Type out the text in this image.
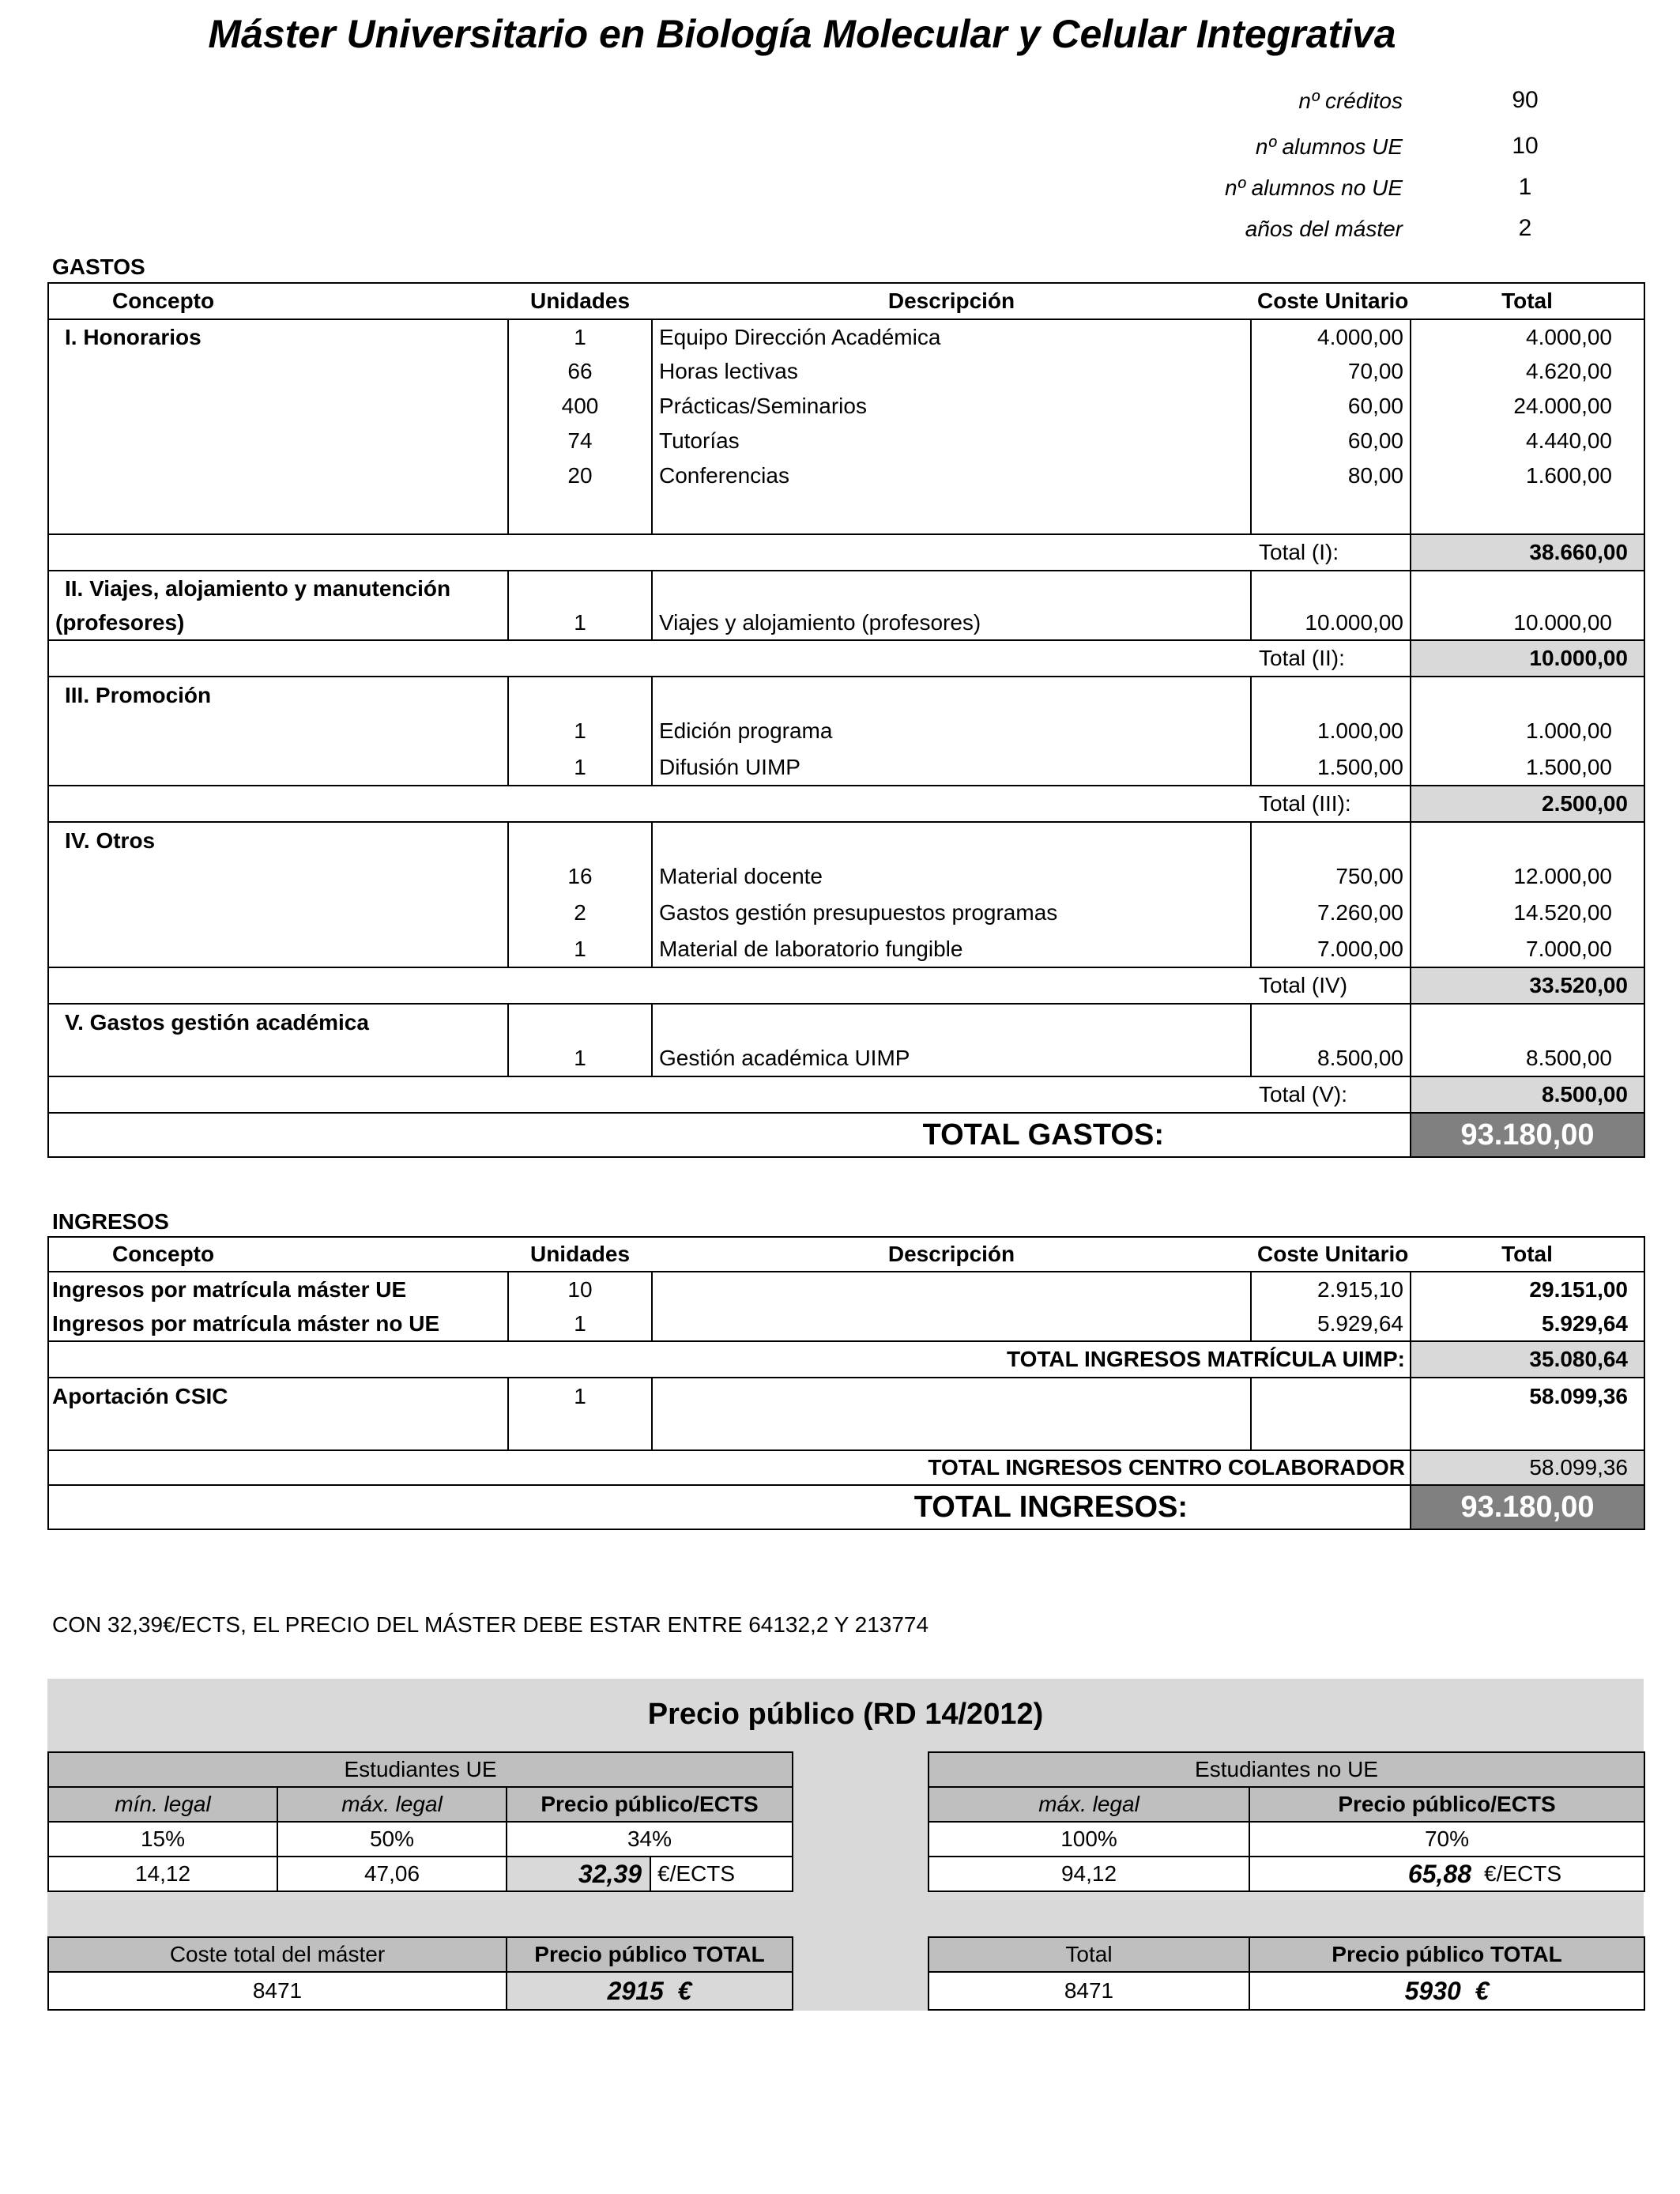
Máster Universitario en Biología Molecular y Celular Integrativa
nº créditos	90
nº alumnos UE	10
nº alumnos no UE	1
años del máster	2
GASTOS
Concepto	Unidades	Descripción	Coste Unitario	Total
I. Honorarios	1	Equipo Dirección Académica	4.000,00	4.000,00
	66	Horas lectivas	70,00	4.620,00
	400	Prácticas/Seminarios	60,00	24.000,00
	74	Tutorías	60,00	4.440,00
	20	Conferencias	80,00	1.600,00

			Total (I):	38.660,00
II. Viajes, alojamiento y manutención				
(profesores)	1	Viajes y alojamiento (profesores)	10.000,00	10.000,00
			Total (II):	10.000,00
III. Promoción				
	1	Edición programa	1.000,00	1.000,00
	1	Difusión UIMP	1.500,00	1.500,00
			Total (III):	2.500,00
IV. Otros				
	16	Material docente	750,00	12.000,00
	2	Gastos gestión presupuestos programas	7.260,00	14.520,00
	1	Material de laboratorio fungible	7.000,00	7.000,00
			Total (IV)	33.520,00
V. Gastos gestión académica				
	1	Gestión académica UIMP	8.500,00	8.500,00
			Total (V):	8.500,00
		TOTAL GASTOS:		93.180,00
INGRESOS
Concepto	Unidades	Descripción	Coste Unitario	Total
Ingresos por matrícula máster UE	10		2.915,10	29.151,00
Ingresos por matrícula máster no UE	1		5.929,64	5.929,64
TOTAL INGRESOS MATRÍCULA UIMP:				35.080,64
Aportación CSIC	1			58.099,36

TOTAL INGRESOS CENTRO COLABORADOR				58.099,36
		TOTAL INGRESOS:		93.180,00
CON 32,39€/ECTS, EL PRECIO DEL MÁSTER DEBE ESTAR ENTRE 64132,2 Y 213774
Precio público (RD 14/2012)
Estudiantes UE		
mín. legal	máx. legal	Precio público/ECTS
15%	50%	34%
14,12	47,06	32,39 €/ECTS
Estudiantes no UE	
máx. legal	Precio público/ECTS
100%	70%
94,12	65,88 €/ECTS
Coste total del máster	Precio público TOTAL
8471	2915  €
Total	Precio público TOTAL
8471	5930  €
